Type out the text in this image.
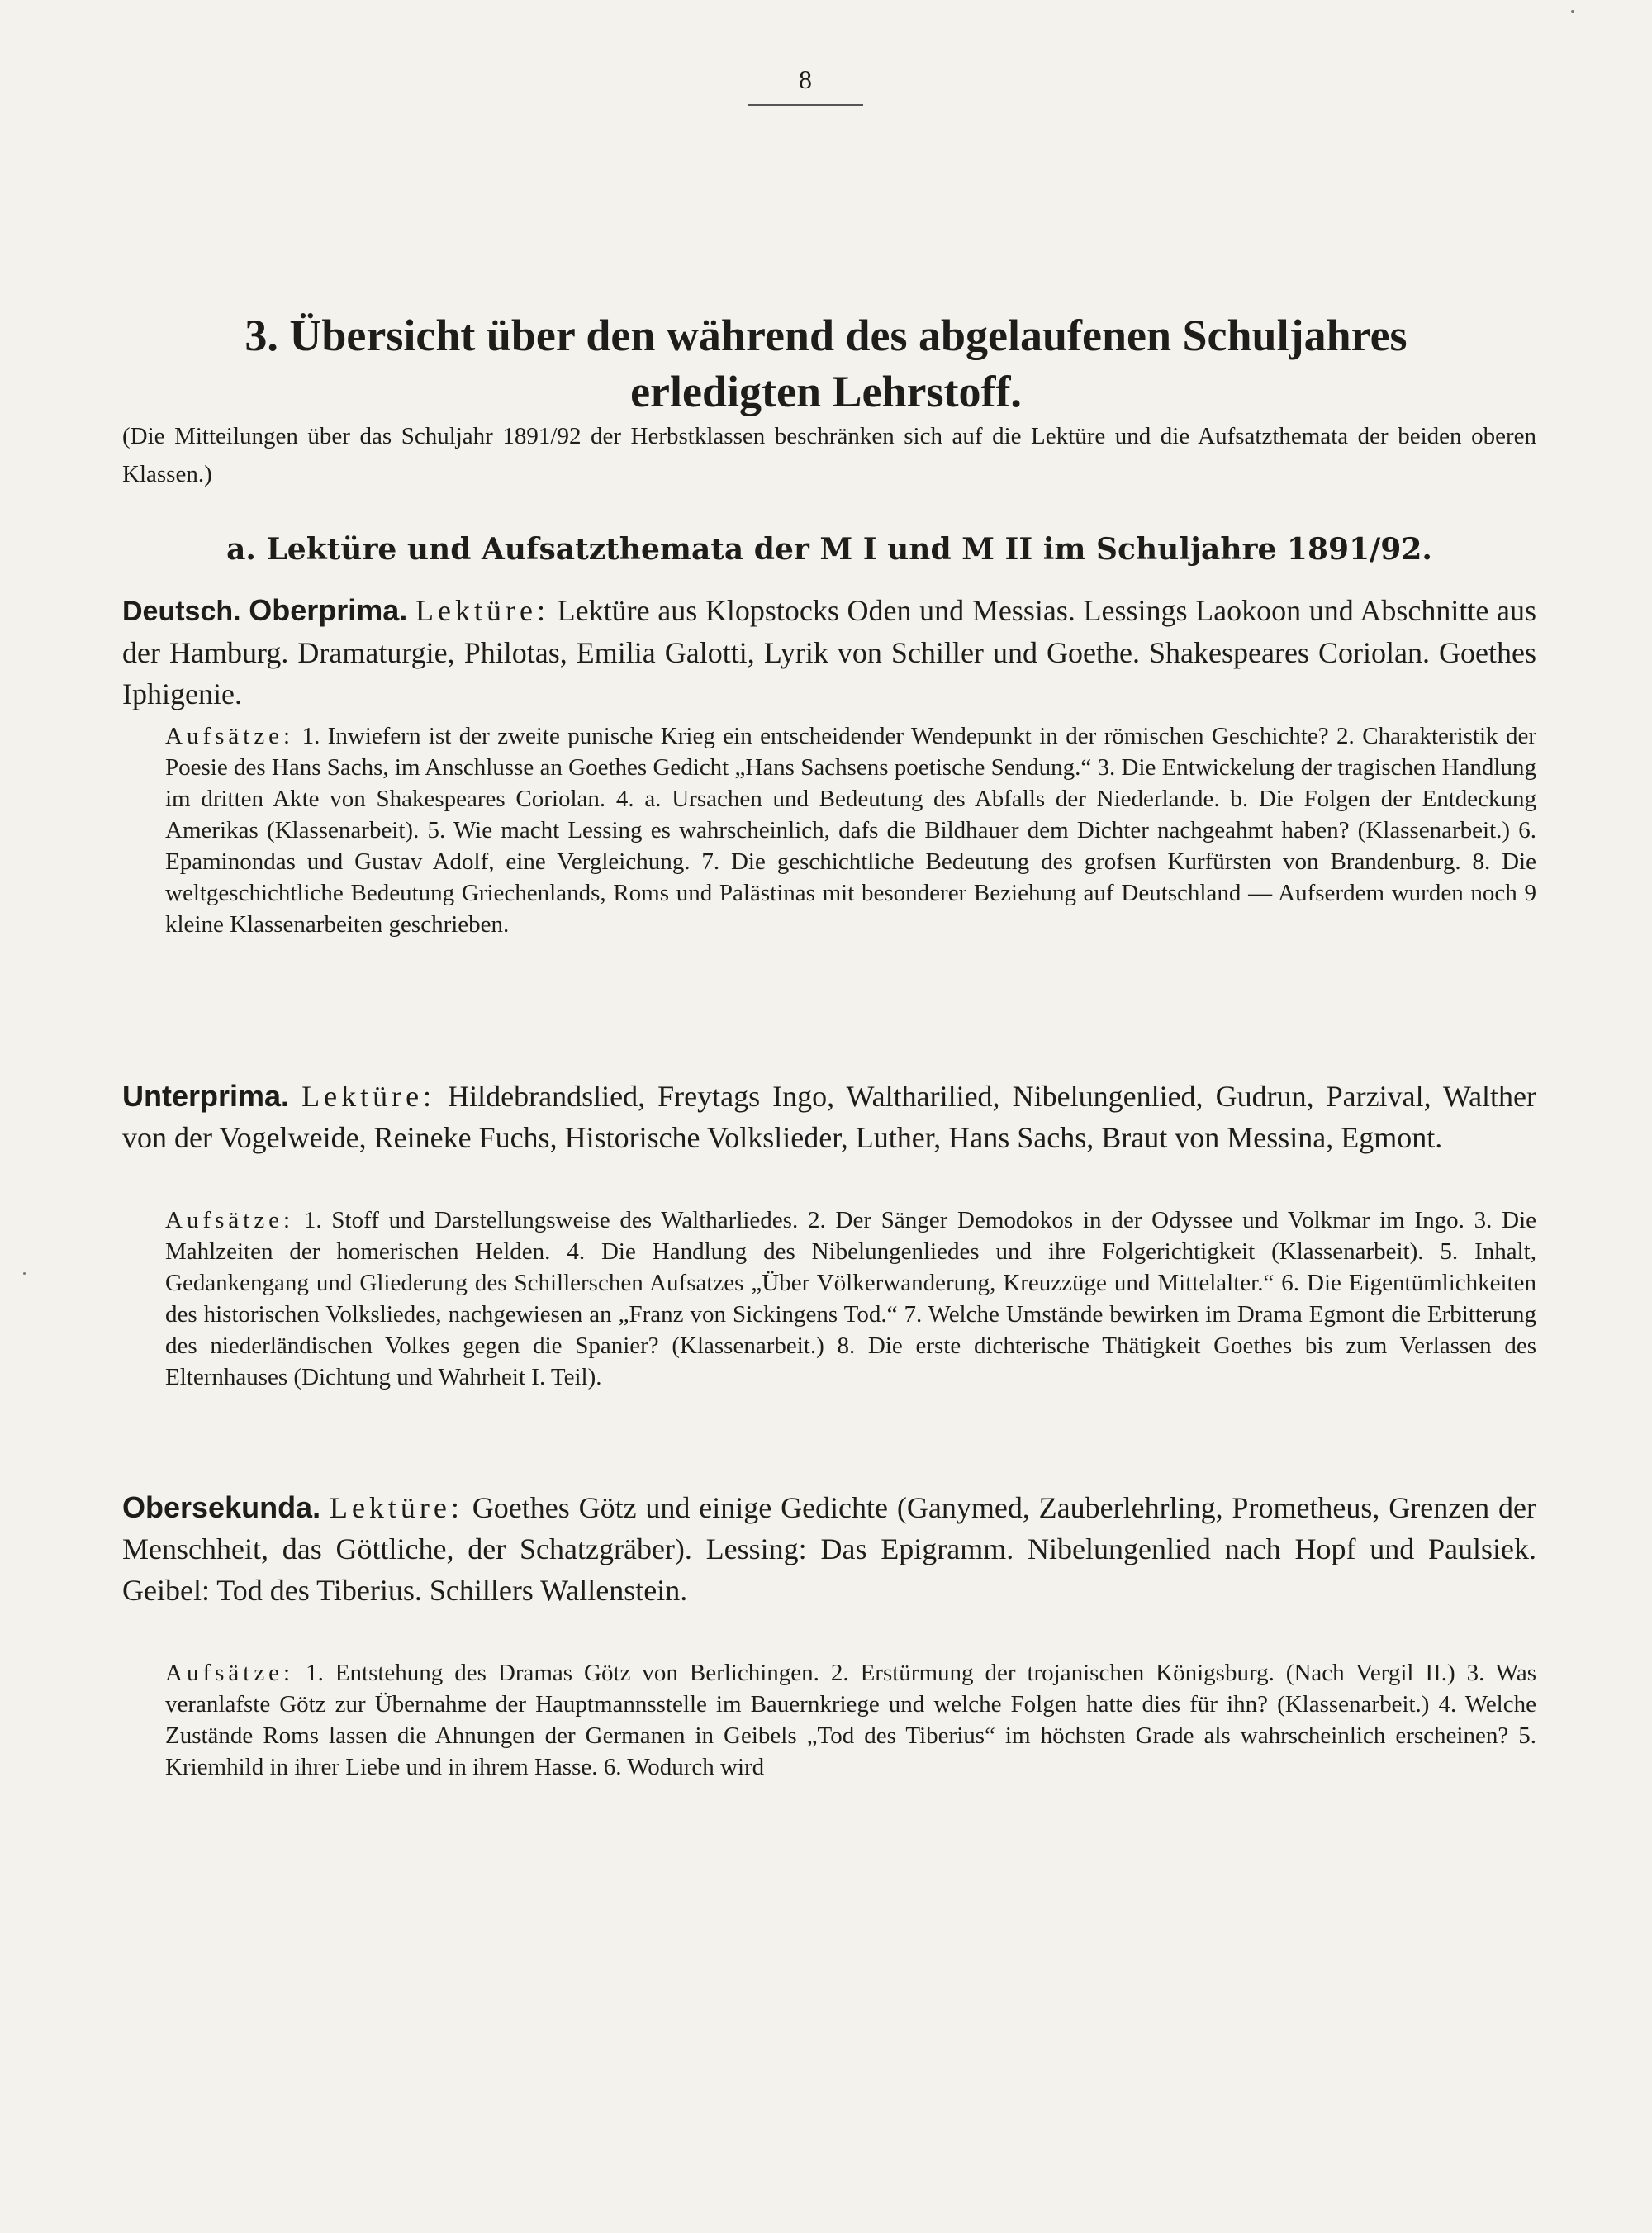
8
3. Übersicht über den während des abgelaufenen Schuljahres
erledigten Lehrstoff.
(Die Mitteilungen über das Schuljahr 1891/92 der Herbstklassen beschränken sich auf die Lektüre und die Aufsatzthemata der beiden oberen Klassen.)
a. Lektüre und Aufsatzthemata der M I und M II im Schuljahre 1891/92.
Deutsch. Oberprima. Lektüre: Lektüre aus Klopstocks Oden und Messias. Lessings Laokoon und Abschnitte aus der Hamburg. Dramaturgie, Philotas, Emilia Galotti, Lyrik von Schiller und Goethe. Shakespeares Coriolan. Goethes Iphigenie.
Aufsätze: 1. Inwiefern ist der zweite punische Krieg ein entscheidender Wendepunkt in der römischen Geschichte? 2. Charakteristik der Poesie des Hans Sachs, im Anschlusse an Goethes Gedicht „Hans Sachsens poetische Sendung.“ 3. Die Entwickelung der tragischen Handlung im dritten Akte von Shakespeares Coriolan. 4. a. Ursachen und Bedeutung des Abfalls der Niederlande. b. Die Folgen der Entdeckung Amerikas (Klassenarbeit). 5. Wie macht Lessing es wahrscheinlich, dafs die Bildhauer dem Dichter nachgeahmt haben? (Klassenarbeit.) 6. Epaminondas und Gustav Adolf, eine Vergleichung. 7. Die geschichtliche Bedeutung des grofsen Kurfürsten von Brandenburg. 8. Die weltgeschichtliche Bedeutung Griechenlands, Roms und Palästinas mit besonderer Beziehung auf Deutschland — Aufserdem wurden noch 9 kleine Klassenarbeiten geschrieben.
Unterprima. Lektüre: Hildebrandslied, Freytags Ingo, Waltharilied, Nibelungenlied, Gudrun, Parzival, Walther von der Vogelweide, Reineke Fuchs, Historische Volkslieder, Luther, Hans Sachs, Braut von Messina, Egmont.
Aufsätze: 1. Stoff und Darstellungsweise des Waltharliedes. 2. Der Sänger Demodokos in der Odyssee und Volkmar im Ingo. 3. Die Mahlzeiten der homerischen Helden. 4. Die Handlung des Nibelungenliedes und ihre Folgerichtigkeit (Klassenarbeit). 5. Inhalt, Gedankengang und Gliederung des Schillerschen Aufsatzes „Über Völkerwanderung, Kreuzzüge und Mittelalter.“ 6. Die Eigentümlichkeiten des historischen Volksliedes, nachgewiesen an „Franz von Sickingens Tod.“ 7. Welche Umstände bewirken im Drama Egmont die Erbitterung des niederländischen Volkes gegen die Spanier? (Klassenarbeit.) 8. Die erste dichterische Thätigkeit Goethes bis zum Verlassen des Elternhauses (Dichtung und Wahrheit I. Teil).
Obersekunda. Lektüre: Goethes Götz und einige Gedichte (Ganymed, Zauberlehrling, Prometheus, Grenzen der Menschheit, das Göttliche, der Schatzgräber). Lessing: Das Epigramm. Nibelungenlied nach Hopf und Paulsiek. Geibel: Tod des Tiberius. Schillers Wallenstein.
Aufsätze: 1. Entstehung des Dramas Götz von Berlichingen. 2. Erstürmung der trojanischen Königsburg. (Nach Vergil II.) 3. Was veranlafste Götz zur Übernahme der Hauptmannsstelle im Bauernkriege und welche Folgen hatte dies für ihn? (Klassenarbeit.) 4. Welche Zustände Roms lassen die Ahnungen der Germanen in Geibels „Tod des Tiberius“ im höchsten Grade als wahrscheinlich erscheinen? 5. Kriemhild in ihrer Liebe und in ihrem Hasse. 6. Wodurch wird
